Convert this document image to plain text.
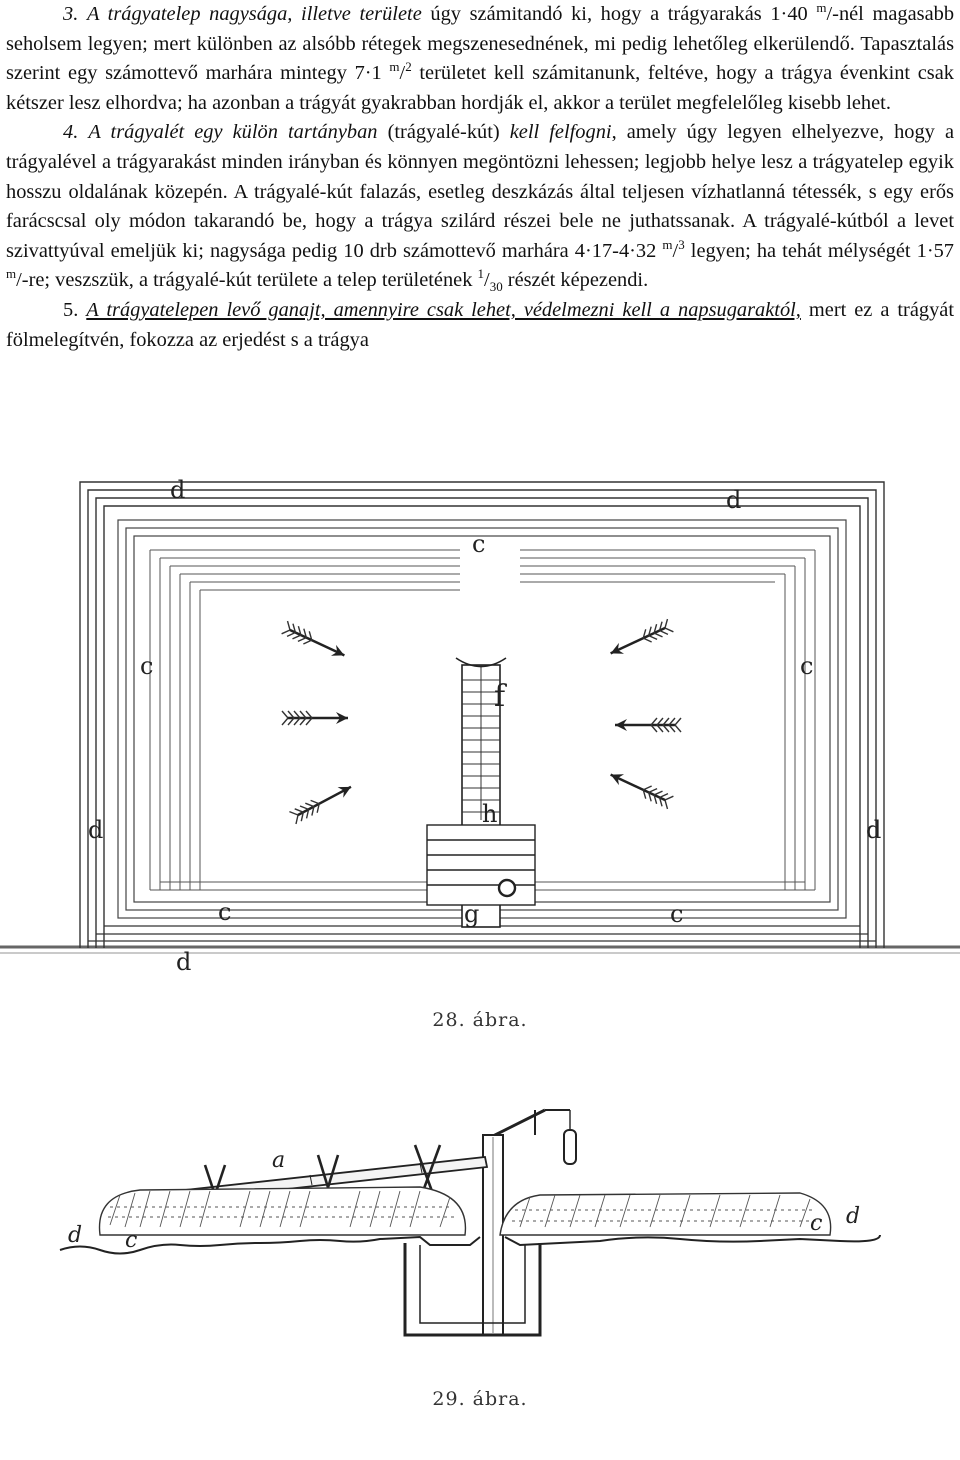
3. A trágyatelep nagysága, illetve területe úgy számitandó ki, hogy a trágyarakás 1·40 $^m$/-nél magasabb seholsem legyen; mert különben az alsóbb rétegek megszenesednének, mi pedig lehetőleg elkerülendő. Tapasztalás szerint egy számottevő marhára mintegy 7·1 $^m$/$^2$ területet kell számitanunk, feltéve, hogy a trágya évenkint csak kétszer lesz elhordva; ha azonban a trágyát gyakrabban hordják el, akkor a terület megfelelőleg kisebb lehet.

4. A trágyalét egy külön tartányban (trágyalé-kút) kell felfogni, amely úgy legyen elhelyezve, hogy a trágyalével a trágyarakást minden irányban és könnyen megöntözni lehessen; legjobb helye lesz a trágyatelep egyik hosszu oldalának közepén. A trágyalé-kút falazás, esetleg deszkázás által teljesen vízhatlanná tétessék, s egy erős farácscsal oly módon takarandó be, hogy a trágya szilárd részei bele ne juthatssanak. A trágyalé-kútból a levet szivattyúval emeljük ki; nagysága pedig 10 drb számottevő marhára 4·17-4·32 $^m$/$^3$ legyen; ha tehát mélységét 1·57 $^m$/-re; veszszük, a trágyalé-kút területe a telep területének $^1/_{30}$ részét képezendi.

5. A trágyatelepen levő ganajt, amennyire csak lehet, védelmezni kell a napsugaraktól, mert ez a trágyát fölmelegítvén, fokozza az erjedést s a trágya

d	d
c
c	c
d	d
c	c
d
f
h
g
28. ábra.
a
d c
c d
29. ábra.
